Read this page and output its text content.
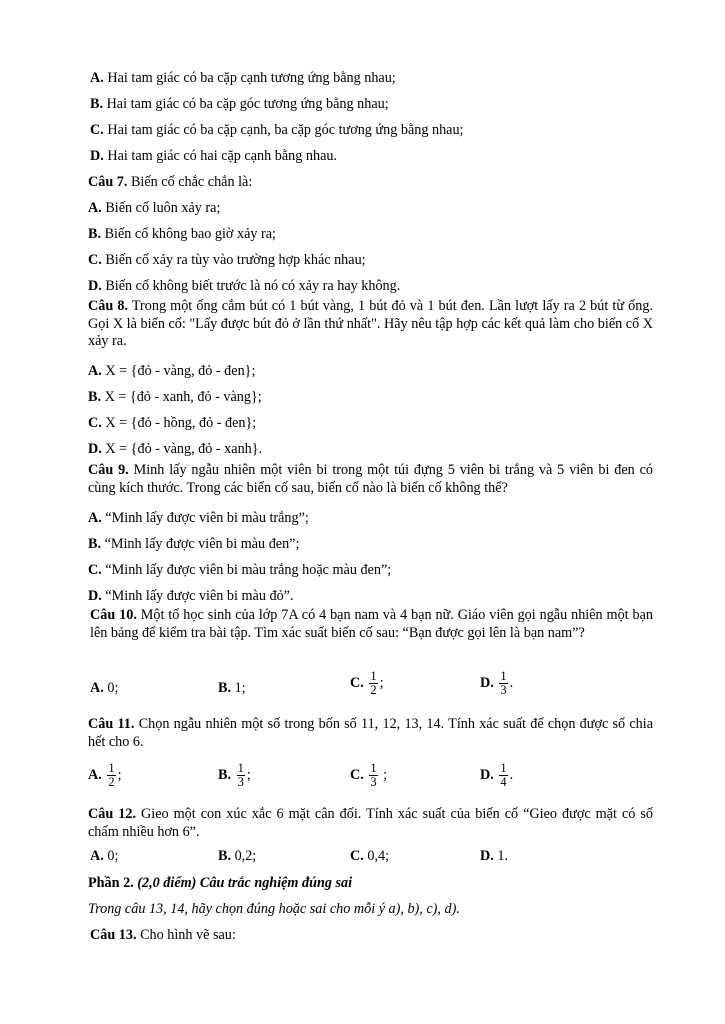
A. Hai tam giác có ba cặp cạnh tương ứng bằng nhau;
B. Hai tam giác có ba cặp góc tương ứng bằng nhau;
C. Hai tam giác có ba cặp cạnh, ba cặp góc tương ứng bằng nhau;
D. Hai tam giác có hai cặp cạnh bằng nhau.
Câu 7. Biến cố chắc chắn là:
A. Biến cố luôn xảy ra;
B. Biến cố không bao giờ xảy ra;
C. Biến cố xảy ra tùy vào trường hợp khác nhau;
D. Biến cố không biết trước là nó có xảy ra hay không.
Câu 8. Trong một ống cắm bút có 1 bút vàng, 1 bút đỏ và 1 bút đen. Lần lượt lấy ra 2 bút từ ống. Gọi X là biến cố: "Lấy được bút đỏ ở lần thứ nhất". Hãy nêu tập hợp các kết quả làm cho biến cố X xảy ra.
A. X = {đỏ - vàng, đỏ - đen};
B. X = {đỏ - xanh, đỏ - vàng};
C. X = {đỏ - hồng, đỏ - đen};
D. X = {đỏ - vàng, đỏ - xanh}.
Câu 9. Minh lấy ngẫu nhiên một viên bi trong một túi đựng 5 viên bi trắng và 5 viên bi đen có cùng kích thước. Trong các biến cố sau, biến cố nào là biến cố không thể?
A. “Minh lấy được viên bi màu trắng”;
B. “Minh lấy được viên bi màu đen”;
C. “Minh lấy được viên bi màu trắng hoặc màu đen”;
D. “Minh lấy được viên bi màu đỏ”.
Câu 10. Một tổ học sinh của lớp 7A có 4 bạn nam và 4 bạn nữ. Giáo viên gọi ngẫu nhiên một bạn lên bảng để kiểm tra bài tập. Tìm xác suất biến cố sau: “Bạn được gọi lên là bạn nam”?
A. 0;	B. 1;	C. $\frac{1}{2}$ ;	D. $\frac{1}{3}$ .
Câu 11. Chọn ngẫu nhiên một số trong bốn số 11, 12, 13, 14. Tính xác suất để chọn được số chia hết cho 6.
A. $\frac{1}{2}$ ;	B. $\frac{1}{3}$ ;	C. $\frac{1}{3}$ ;	D. $\frac{1}{4}$ .
Câu 12. Gieo một con xúc xắc 6 mặt cân đối. Tính xác suất của biến cố “Gieo được mặt có số chấm nhiều hơn 6”.
A. 0;	B. 0,2;	C. 0,4;	D. 1.
Phần 2. (2,0 điểm) Câu trắc nghiệm đúng sai
Trong câu 13, 14, hãy chọn đúng hoặc sai cho mỗi ý a), b), c), d).
Câu 13. Cho hình vẽ sau:
